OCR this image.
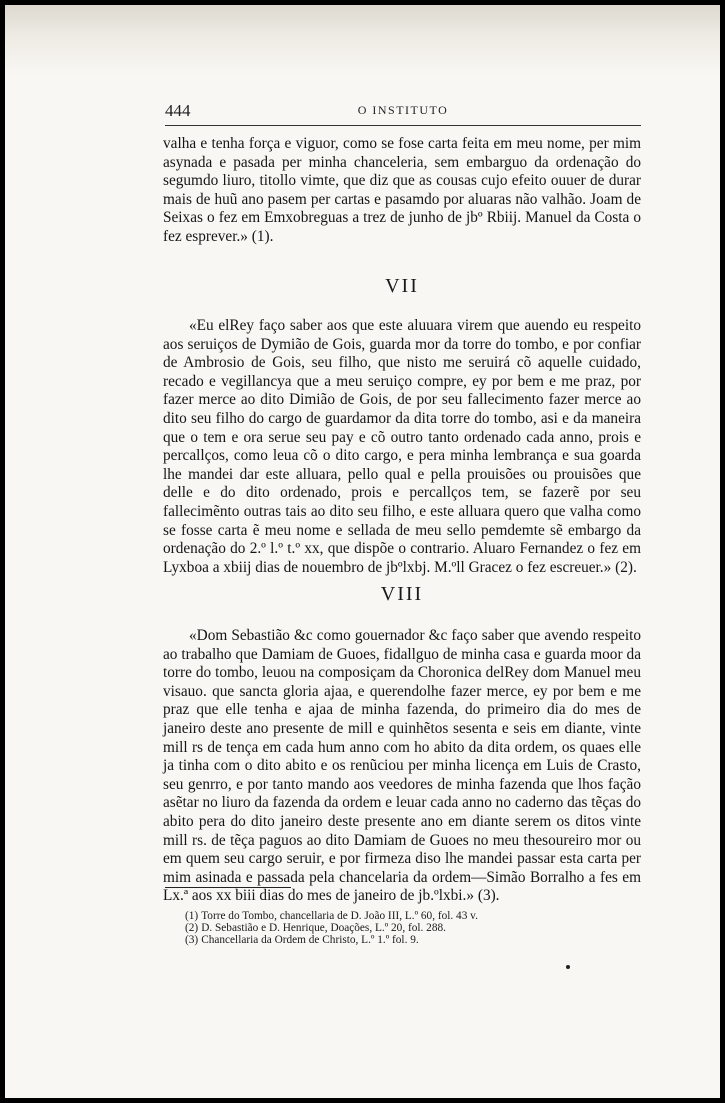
444	O INSTITUTO

valha e tenha força e viguor, como se fose carta feita em meu nome, per mim asynada e pasada per minha chanceleria, sem embarguo da ordenação do segumdo liuro, titollo vimte, que diz que as cousas cujo efeito ouuer de durar mais de huũ ano pasem per cartas e pasamdo por aluaras não valhão. Joam de Seixas o fez em Emxobreguas a trez de junho de jbº Rbiij. Manuel da Costa o fez esprever.» (1).

VII

«Eu elRey faço saber aos que este aluuara virem que auendo eu respeito aos seruiços de Dymião de Gois, guarda mor da torre do tombo, e por confiar de Ambrosio de Gois, seu filho, que nisto me seruirá cõ aquelle cuidado, recado e vegillancya que a meu seruiço compre, ey por bem e me praz, por fazer merce ao dito Dimião de Gois, de por seu fallecimento fazer merce ao dito seu filho do cargo de guardamor da dita torre do tombo, asi e da maneira que o tem e ora serue seu pay e cõ outro tanto ordenado cada anno, prois e percallços, como leua cõ o dito cargo, e pera minha lembrança e sua goarda lhe mandei dar este alluara, pello qual e pella prouisões ou prouisões que delle e do dito ordenado, prois e percallços tem, se fazerẽ por seu fallecimẽnto outras tais ao dito seu filho, e este alluara quero que valha como se fosse carta ẽ meu nome e sellada de meu sello pemdemte sẽ embargo da ordenação do 2.º l.º t.º xx, que dispõe o contrario. Aluaro Fernandez o fez em Lyxboa a xbiij dias de nouembro de jbºlxbj. M.ºll Gracez o fez escreuer.» (2).

VIII

«Dom Sebastião &c como gouernador &c faço saber que avendo respeito ao trabalho que Damiam de Guoes, fidallguo de minha casa e guarda moor da torre do tombo, leuou na composiçam da Choronica delRey dom Manuel meu visauo. que sancta gloria ajaa, e querendolhe fazer merce, ey por bem e me praz que elle tenha e ajaa de minha fazenda, do primeiro dia do mes de janeiro deste ano presente de mill e quinhẽtos sesenta e seis em diante, vinte mill rs de tença em cada hum anno com ho abito da dita ordem, os quaes elle ja tinha com o dito abito e os renũciou per minha licença em Luis de Crasto, seu genrro, e por tanto mando aos veedores de minha fazenda que lhos fação asẽtar no liuro da fazenda da ordem e leuar cada anno no caderno das tẽças do abito pera do dito janeiro deste presente ano em diante serem os ditos vinte mill rs. de tẽça paguos ao dito Damiam de Guoes no meu thesoureiro mor ou em quem seu cargo seruir, e por firmeza diso lhe mandei passar esta carta per mim asinada e passada pela chancelaria da ordem—Simão Borralho a fes em Lx.ª aos xx biii dias do mes de janeiro de jb.ºlxbi.» (3).

(1) Torre do Tombo, chancellaria de D. João III, L.º 60, fol. 43 v.

(2) D. Sebastião e D. Henrique, Doações, L.º 20, fol. 288.

(3) Chancellaria da Ordem de Christo, L.º 1.º fol. 9.
